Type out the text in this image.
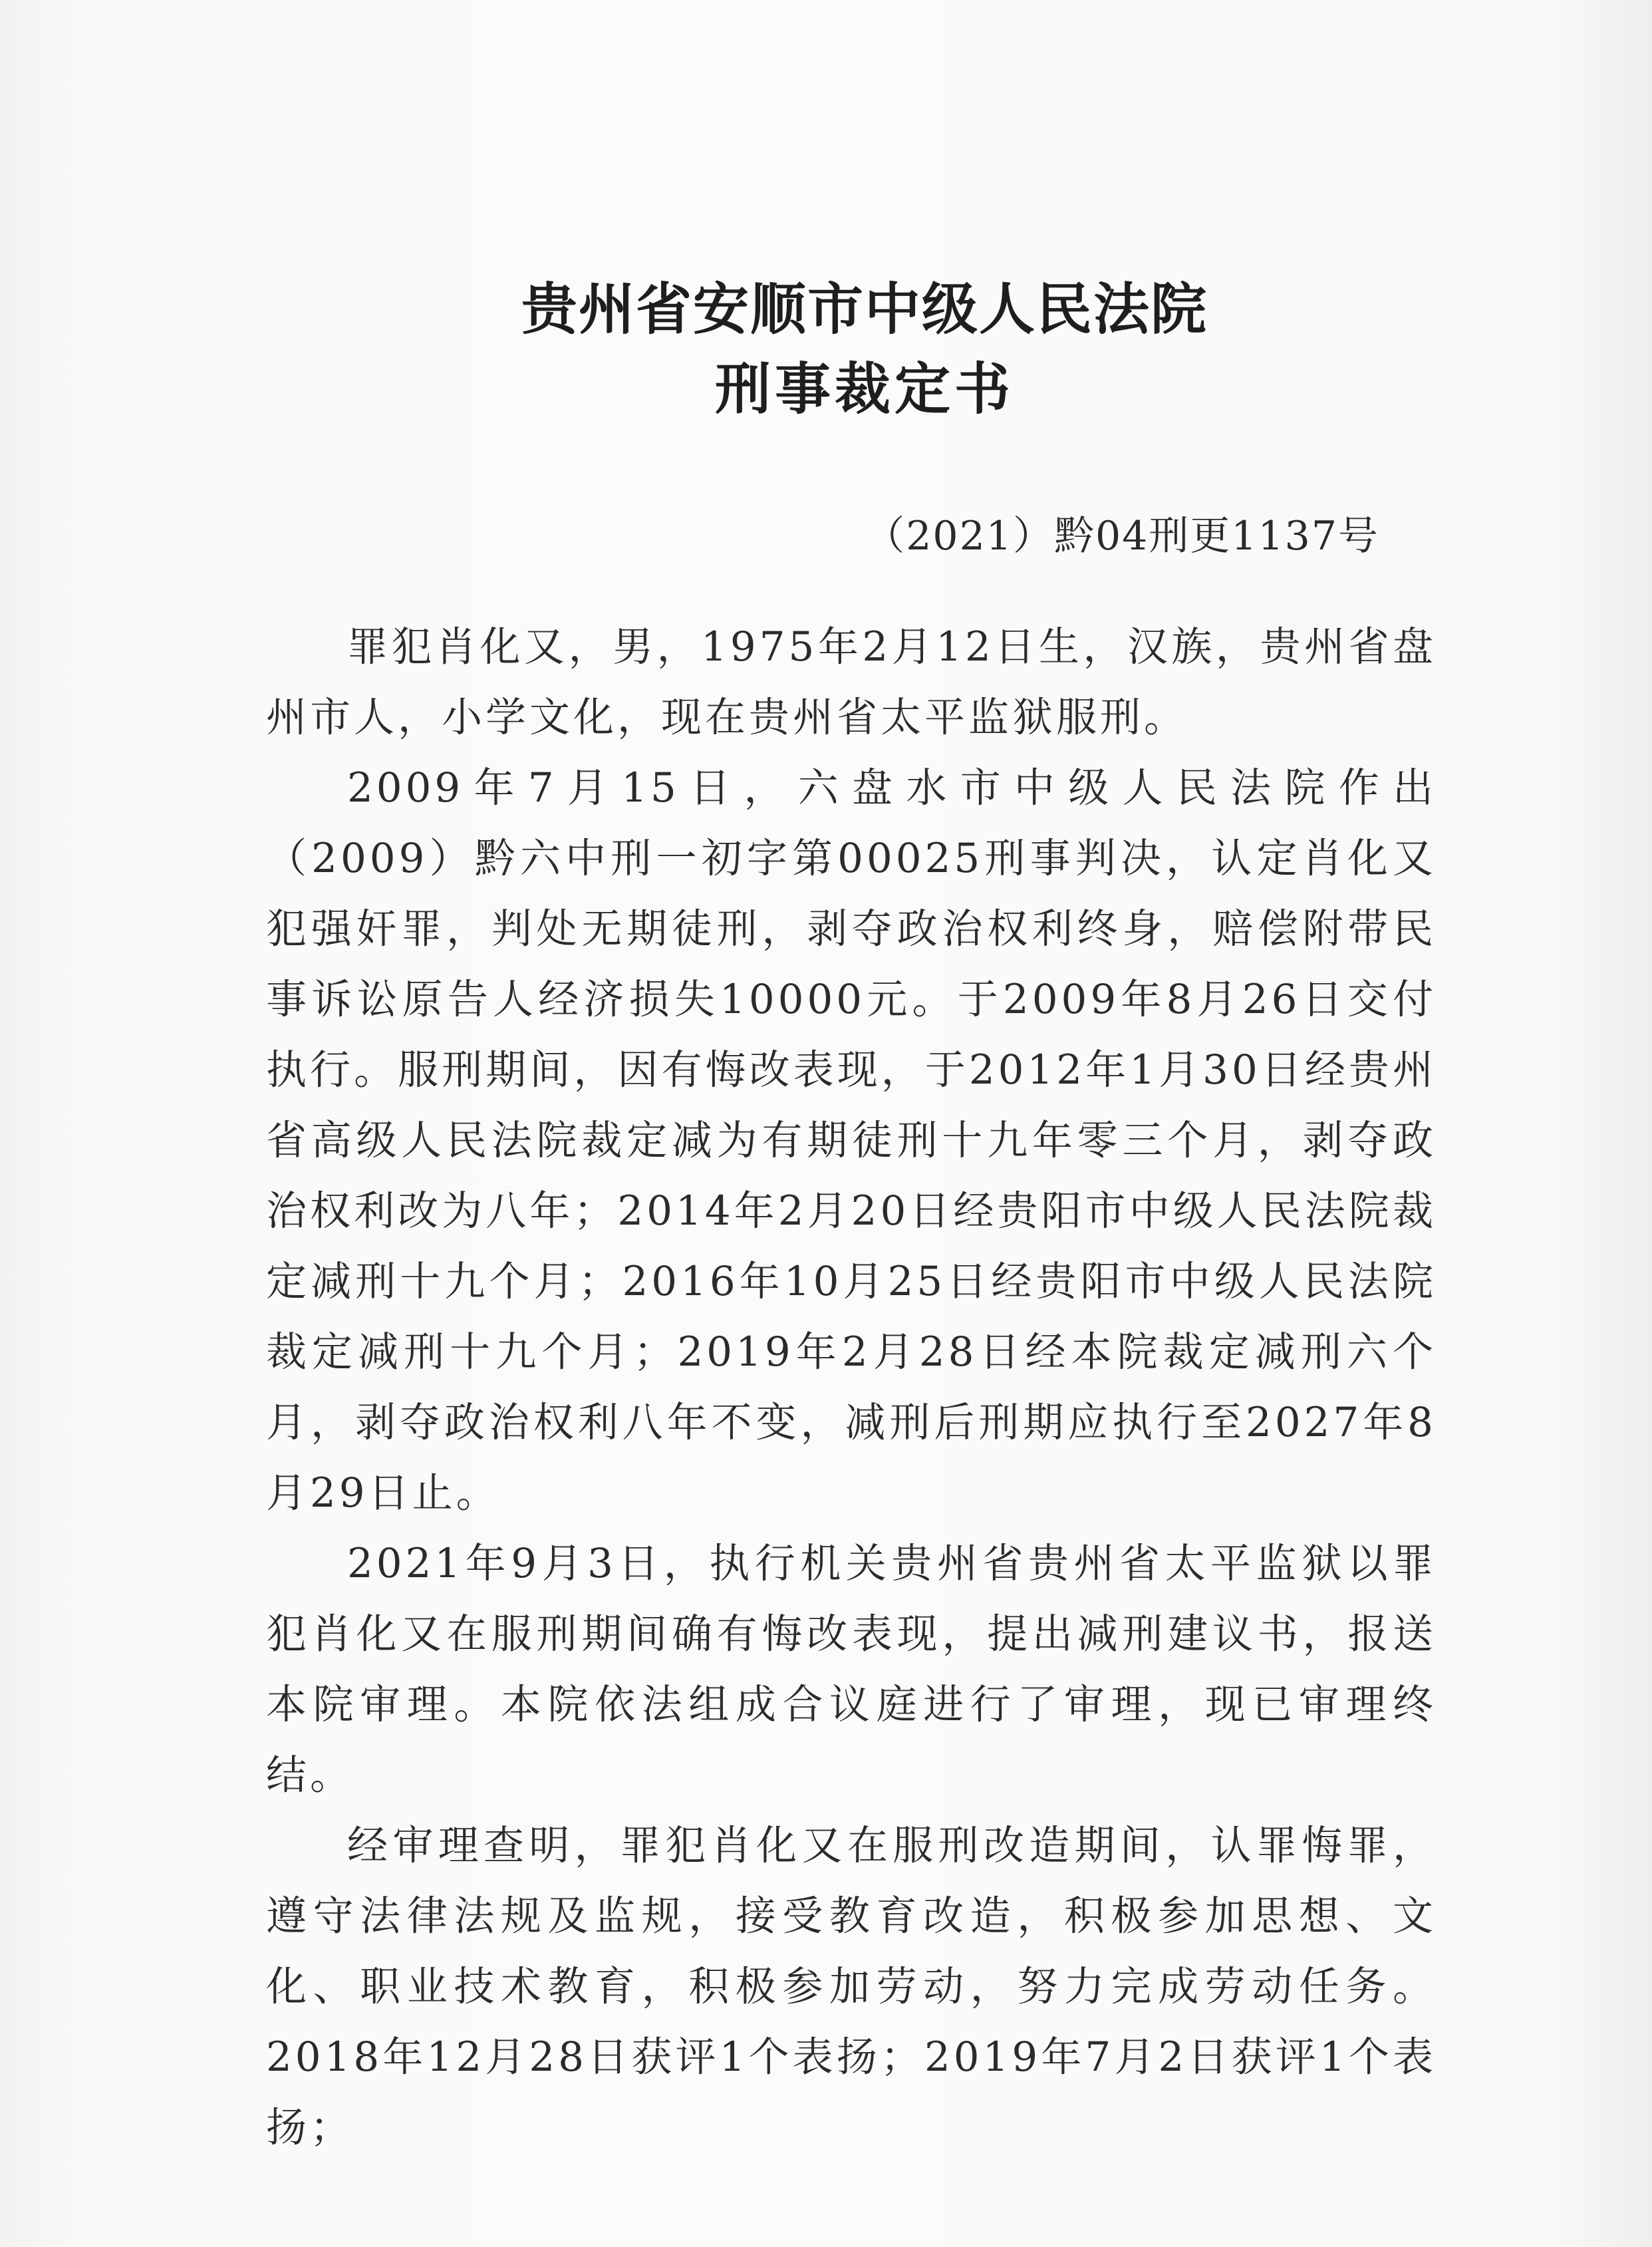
贵州省安顺市中级人民法院

刑事裁定书

（2021）黔04刑更1137号

罪犯肖化又，男，1975年2月12日生，汉族，贵州省盘州市人，小学文化，现在贵州省太平监狱服刑。

2009年7月15日，六盘水市中级人民法院作出（2009）黔六中刑一初字第00025刑事判决，认定肖化又犯强奸罪，判处无期徒刑，剥夺政治权利终身，赔偿附带民事诉讼原告人经济损失10000元。于2009年8月26日交付执行。服刑期间，因有悔改表现，于2012年1月30日经贵州省高级人民法院裁定减为有期徒刑十九年零三个月，剥夺政治权利改为八年；2014年2月20日经贵阳市中级人民法院裁定减刑十九个月；2016年10月25日经贵阳市中级人民法院裁定减刑十九个月；2019年2月28日经本院裁定减刑六个月，剥夺政治权利八年不变，减刑后刑期应执行至2027年8月29日止。

2021年9月3日，执行机关贵州省贵州省太平监狱以罪犯肖化又在服刑期间确有悔改表现，提出减刑建议书，报送本院审理。本院依法组成合议庭进行了审理，现已审理终结。

经审理查明，罪犯肖化又在服刑改造期间，认罪悔罪，遵守法律法规及监规，接受教育改造，积极参加思想、文化、职业技术教育，积极参加劳动，努力完成劳动任务。2018年12月28日获评1个表扬；2019年7月2日获评1个表扬；
